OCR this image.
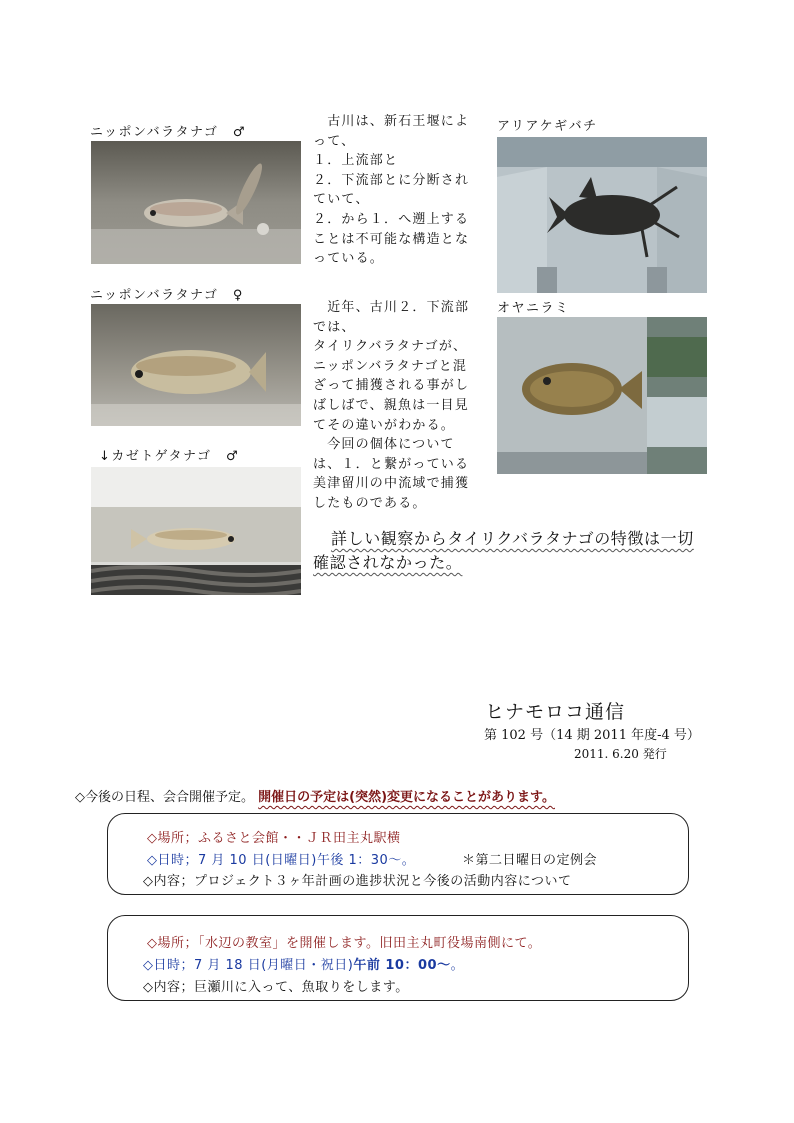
ニッポンバラタナゴ　♂
ニッポンバラタナゴ　♀
↓カゼトゲタナゴ　♂
　古川は、新石王堰によ
って、
１．上流部と
２．下流部とに分断され
ていて、
２．から１．へ遡上する
ことは不可能な構造とな
っている。
　近年、古川２．下流部
では、
タイリクバラタナゴが、
ニッポンバラタナゴと混
ざって捕獲される事がし
ばしばで、親魚は一目見
てその違いがわかる。
　今回の個体について
は、１．と繋がっている
美津留川の中流域で捕獲
したものである。
詳しい観察からタイリクバラタナゴの特徴は一切
確認されなかった。
アリアケギバチ
オヤニラミ
ヒナモロコ通信
第 102 号（14 期 2011 年度-4 号）
2011. 6.20 発行
◇今後の日程、会合開催予定。 開催日の予定は(突然)変更になることがあります。
◇場所；ふるさと会館・・ＪＲ田主丸駅横
◇日時；7 月 10 日(日曜日)午後 1：30～。	＊第二日曜日の定例会
◇内容；プロジェクト３ヶ年計画の進捗状況と今後の活動内容について
◇場所；「水辺の教室」を開催します。旧田主丸町役場南側にて。
◇日時；7 月 18 日(月曜日・祝日)午前 10：00～。
◇内容；巨瀬川に入って、魚取りをします。
